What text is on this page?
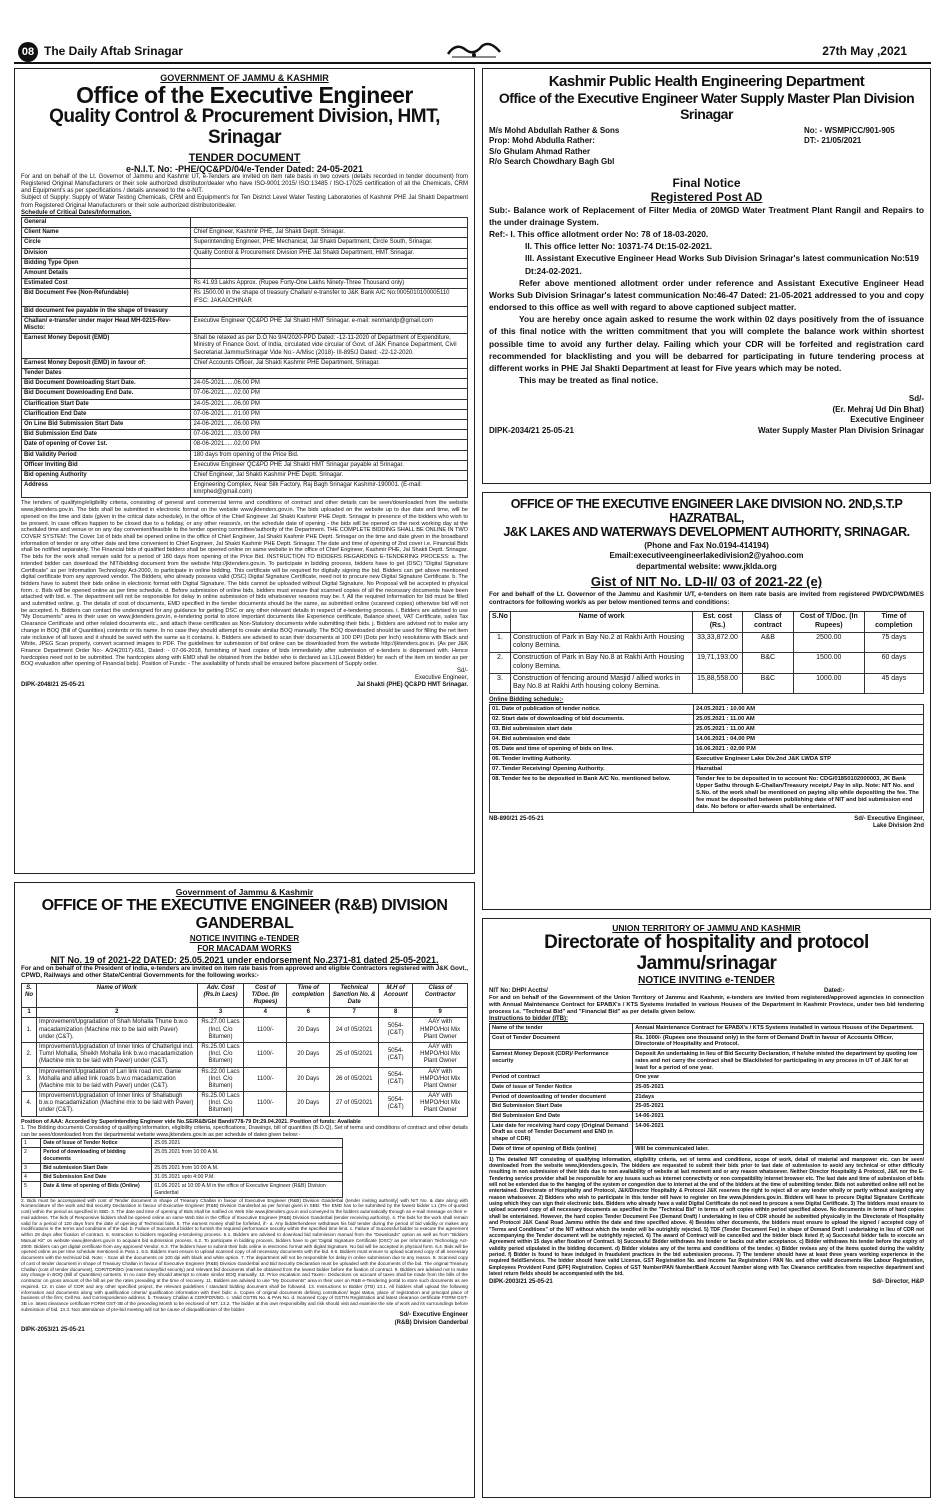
08 The Daily Aftab Srinagar	27th May ,2021
GOVERNMENT OF JAMMU & KASHMIR
Office of the Executive Engineer
Quality Control & Procurement Division, HMT, Srinagar
TENDER DOCUMENT
e-N.I.T. No: -PHE/QC&PD/04/e-Tender Dated: 24-05-2021
For and on behalf of the Lt. Governor of Jammu and Kashmir UT, e-Tenders are invited on item rate basis in two covers (details recorded in tender document) from Registered Original Manufacturers or their sole authorized distributor/dealer who have ISO-9001:2015/ ISO:13485 / ISO-17025 certification of all the Chemicals, CRM and Equipment's as per specifications / details annexed to the e-NIT.
Subject of Supply: Supply of Water Testing Chemicals, CRM and Equipment's for Ten District Level Water Testing Laboratories of Kashmir PHE Jal Shakti Department from Registered Original Manufacturers or their sole authorized distributor/dealer.
Schedule of Critical Dates/Information.
General	
Client Name	Chief Engineer, Kashmir PHE, Jal Shakti Deptt. Srinagar.
Circle	Superintending Engineer, PHE Mechanical, Jal Shakti Department, Circle South, Srinagar.
Division	Quality Control & Procurement Division PHE Jal Shakti Department, HMT Srinagar.
Bidding Type Open	
Amount Details	
Estimated Cost	Rs 41.93 Lakhs Approx. (Rupee Forty-One Lakhs Ninety-Three Thousand only)
Bid Document Fee (Non-Refundable)	Rs 1500.00 in the shape of treasury Challan/ e-transfer to J&K Bank A/C No:0005010100005110 IFSC: JAKA0CHINAR
Bid document fee payable in the shape of treasury	
Challan/ e-transfer under major Head MH-0215-Rev-Miscto:	Executive Engineer QC&PD PHE Jal Shakti HMT Srinagar. e-mail: xenmandp@gmail.com
Earnest Money Deposit (EMD)	Shall be relaxed as per D.O No 9/4/2020-PPD Dated: -12-11-2020 of Department of Expenditure, Ministry of Finance Govt. of India, circulated vide circular of Govt. of J&K Finance Department, Civil Secretariat Jammu/Srinagar Vide No:- A/Misc (2018)- III-895/J Dated: -22-12-2020.
Earnest Money Deposit (EMD) in favour of:	Chief Accounts Officer, Jal Shakti Kashmir PHE Department, Srinagar.
Tender Dates	
Bid Document Downloading Start Date.	24-05-2021......06.00 PM
Bid Document Downloading End Date.	07-06-2021......02.00 PM
Clarification Start Date	24-05-2021......06.00 PM
Clarification End Date	07-06-2021......01.00 PM
On Line Bid Submission Start Date	24-06-2021......06.00 PM
Bid Submission End Date	07-06-2021......03.00 PM
Date of opening of Cover 1st.	08-06-2021......02.00 PM
Bid Validity Period	180 days from opening of the Price Bid.
Officer Inviting Bid	Executive Engineer QC&PD PHE Jal Shakti HMT Srinagar payable at Srinagar.
Bid opening Authority	Chief Engineer, Jal Shakti Kashmir PHE Deptt. Srinagar.
Address	Engineering Complex, Near Silk Factory, Raj Bagh Srinagar Kashmir-190001. (E-mail: kmrphed@gmail.com)
The tenders of qualifying/eligibility criteria, consisting of general and commercial terms and conditions of contract and other details can be seen/downloaded from the website www.jktenders.gov.in. The bids shall be submitted in electronic format on the website www.jktenders.gov.in. The bids uploaded on the website up to due date and time, will be opened on the time and date (given in the critical date schedule), in the office of the Chief Engineer Jal Shakti Kashmir PHE Deptt. Srinagar in presence of the bidders who wish to be present. In case offices happen to be closed due to a holiday, or any other reason/s, on the schedule date of opening - the bids will be opened on the next working day at the scheduled time and venue or on any day convenient/feasible to the tender opening committee/authority of the Department. THE COMPLETE BIDDING SHALL BE ONLINE IN TWO COVER SYSTEM: The Cover 1st of bids shall be opened online in the office of Chief Engineer, Jal Shakti Kashmir PHE Deptt. Srinagar on the time and date given in the broadband information of tender or any other date and time convenient to Chief Engineer, Jal Shakti Kashmir PHE Deptt. Srinagar. The date and time of opening of 2nd cover i.e. Financial Bids shall be notified separately. The Financial bids of qualified bidders shall be opened online on same website in the office of Chief Engineer, Kashmir PHE, Jal Shakti Deptt. Srinagar. The bids for the work shall remain valid for a period of 180 days from opening of the Price Bid. INSTRUCTION TO BIDDERS REGARDING E-TENDERING PROCESS: a. The intended bidder can download the NIT/bidding document from the website http://jktenders.gov.in. To participate in bidding process, bidders have to get (DSC) "Digital Signature Certificate" as per Information Technology Act-2000, to participate in online bidding. This certificate will be required for digitally signing the bid. Bidders can get above mentioned digital certificate from any approved vendor. The Bidders, who already possess valid (DSC) Digital Signature Certificate, need not to procure new Digital Signature Certificate. b. The bidders have to submit their bids online in electronic format with Digital Signature. The bids cannot be uploaded without Digital Signature. No Proposal will be accepted in physical form. c. Bids will be opened online as per time schedule. d. Before submission of online bids, bidders must ensure that scanned copies of all the necessary documents have been attached with bid. e. The department will not be responsible for delay in online submission of bids whatsoever reasons may be. f. All the required information for bid must be filled and submitted online. g. The details of cost of documents, EMD specified in the tender documents should be the same, as submitted online (scanned copies) otherwise bid will not be accepted. h. Bidders can contact the undersigned for any guidance for getting DSC or any other relevant details in respect of e-tendering process. i. Bidders are advised to use "My Documents" area in their user on www.jktenders.gov.in, e-tendering portal to store important documents like Experience certificate, Balance sheet, VAT Certificate, sales Tax Clearance Certificate and other related documents etc., and attach these certificates as Non-Statutory documents while submitting their bids. j. Bidders are advised not to make any change in BOQ (Bill of Quantities) contents or its name. In no case they should attempt to create similar BOQ manually. The BOQ downloaded should be used for filling the net item rate inclusive of all taxes and it should be saved with the same as it contains. k. Bidders are advised to scan their documents at 100 DPI (Dots per Inch) resolutions with Black and White, JPEG Scan properly, convert scanned images to PDF. The guidelines for submission of bid online can be downloaded from the website http://jktenders.gov.in. (As per J&K Finance Department Order No:- A/24(2017)-651, Dated: - 07-06-2018, furnishing of hard copies of bids immediately after submission of e-tenders is dispensed with. Hence hardcopies need not to be submitted. The hardcopies along with EMD shall be obtained from the bidder who is declared as L1(Lowest Bidder) for each of the item on tender as per BOQ evaluation after opening of Financial bids). Position of Funds: - The availability of funds shall be ensured before placement of Supply order.
Sd/-
Executive Engineer,
DIPK-2048/21 25-05-21	Jal Shakti (PHE) QC&PD HMT Srinagar.
Kashmir Public Health Engineering Department
Office of the Executive Engineer Water Supply Master Plan Division Srinagar
M/s Mohd Abdullah Rather & Sons	No: - WSMP/CC/901-905
Prop: Mohd Abdulla Rather:	DT:- 21/05/2021
S/o Ghulam Ahmad Rather
R/o Search Chowdhary Bagh Gbl
Final Notice
Registered Post AD
Sub:- Balance work of Replacement of Filter Media of 20MGD Water Treatment Plant Rangil and Repairs to the under drainage System.
Ref:- I. This office allotment order No: 78 of 18-03-2020.
II. This office letter No: 10371-74 Dt:15-02-2021.
III. Assistant Executive Engineer Head Works Sub Division Srinagar's latest communication No:519 Dt:24-02-2021.
Refer above mentioned allotment order under reference and Assistant Executive Engineer Head Works Sub Division Srinagar's latest communication No:46-47 Dated: 21-05-2021 addressed to you and copy endorsed to this office as well with regard to above captioned subject matter.
You are hereby once again asked to resume the work within 02 days positively from the of issuance of this final notice with the written commitment that you will complete the balance work within shortest possible time to avoid any further delay. Failing which your CDR will be forfeited and registration card recommended for blacklisting and you will be debarred for participating in future tendering process at different works in PHE Jal Shakti Department at least for Five years which may be noted.
This may be treated as final notice.
Sd/-
(Er. Mehraj Ud Din Bhat)
Executive Engineer
DIPK-2034/21 25-05-21	Water Supply Master Plan Division Srinagar
OFFICE OF THE EXECUTIVE ENGINEER LAKE DIVISION NO. 2ND,S.T.P HAZRATBAL,
J&K LAKES AND WATERWAYS DEVELOPMENT AUTHORITY, SRINAGAR.
(Phone and Fax No.0194-414194)
Email:executiveengineerlakedivision2@yahoo.com
departmental website: www.jklda.org
Gist of NIT No. LD-II/ 03 of 2021-22 (e)
For and behalf of the Lt. Governor of the Jammu and Kashmir U/T, e-tenders on item rate basis are invited from registered PWD/CPWD/MES contractors for following work/s as per below mentioned terms and conditions:
S.No	Name of work	Est. cost (Rs.)	Class of contract	Cost of T/Doc. (In Rupees)	Time of completion
1.	Construction of Park in Bay No.2 at Rakhi Arth Housing colony Bemina.	33,33,872.00	A&B	2500.00	75 days
2.	Construction of Park in Bay No.8 at Rakhi Arth Housing colony Bemina.	19,71,193.00	B&C	1500.00	60 days
3.	Construction of fencing around Masjid / allied works in Bay No.8 at Rakhi Arth housing colony Bemina.	15,88,558.00	B&C	1000.00	45 days
Online Bidding schedule:-
01. Date of publication of tender notice.	24.05.2021 : 10.00 AM
02. Start date of downloading of bid documents.	25.05.2021 : 11.00 AM
03. Bid submission start date	25.05.2021 : 11.00 AM
04. Bid submission end date	14.06.2021 : 04.00 PM
05. Date and time of opening of bids on line.	16.06.2021 : 02.00 P.M
06. Tender inviting Authority.	Executive Engineer Lake Div.2nd J&K LWDA STP
07. Tender Receiving/ Opening Authority.	Hazratbal
08. Tender fee to be deposited in Bank A/C No. mentioned below.	Tender fee to be deposited in to account No: CDG/01850102000003, JK Bank Upper Sathu through E-Challan/Treasury receipt./ Pay in slip. Note: NIT No. and S.No. of the work shall be mentioned on paying slip while depositing the fee. The fee must be deposited between publishing date of NIT and bid submission end date. No before or after-wards shall be entertained.
NB-890/21 25-05-21	Sd/- Executive Engineer,
Lake Division 2nd
Government of Jammu & Kashmir
OFFICE OF THE EXECUTIVE ENGINEER (R&B) DIVISION GANDERBAL
NOTICE INVITING e-TENDER
FOR MACADAM WORKS
NIT No. 19 of 2021-22 DATED: 25.05.2021 under endorsement No.2371-81 dated 25-05-2021.
For and on behalf of the President of India, e-tenders are invited on item rate basis from approved and eligible Contractors registered with J&K Govt., CPWD, Railways and other State/Central Governments for the following works:-
S. No	Name of Work	Adv. Cost (Rs.In Lacs)	Cost of T/Doc. (In Rupees)	Time of completion	Technical Sanction No. & Date	M.H of Account	Class of Contractor
1	2	3	4	6	7	8	9
1.	Improvement/Upgradation of Shah Mohalla Thune b.w.o macadamization (Machine mix to be laid with Paver) under (C&T).	Rs.27.00 Lacs (Incl. C/o Bitumen)	1100/-	20 Days	24 of 05/2021	5054-(C&T)	AAY with HMPO/Hot Mix Plant Owner
2.	Improvement/Upgradation of Inner links of Chatterlgul incl. Tumri Mohalla, Sheikh Mohalla link b.w.o macadamization (Machine mix to be laid with Paver) under (C&T).	Rs.25.00 Lacs (Incl. C/o Bitumen)	1100/-	20 Days	25 of 05/2021	5054-(C&T)	AAY with HMPO/Hot Mix Plant Owner
3.	Improvement/Upgradation of Lari link road incl. Ganie Mohalla and allied link roads b.w.o macadamization (Machine mix to be laid with Paver) under (C&T).	Rs.22.00 Lacs (Incl. C/o Bitumen)	1100/-	20 Days	26 of 05/2021	5054-(C&T)	AAY with HMPO/Hot Mix Plant Owner
4.	Improvement/Upgradation of Inner links of Shallabugh b.w.o macadamization (Machine mix to be laid with Paver) under (C&T).	Rs.25.00 Lacs (Incl. C/o Bitumen)	1100/-	20 Days	27 of 05/2021	5054-(C&T)	AAY with HMPO/Hot Mix Plant Owner
Position of AAA: Accorded by Superintending Engineer vide No.SE/R&B/Gbl Bandi/778-79 Dt:29.04.2021. Position of funds: Available
1. The Bidding documents Consisting of qualifying information, eligibility criteria, specifications, Drawings, bill of quantities (B.O.Q), Set of terms and conditions of contract and other details can be seen/downloaded from the departmental website www.jktenders.gov.in as per schedule of dates given below:-
1	Date of Issue of Tender Notice	25.05.2021
2	Period of downloading of bidding documents	25.05.2021 from 10:00 A.M.
3	Bid submission Start Date	25.05.2021 from 10:00 A.M.
4	Bid Submission End Date	31.05.2021 upto 4:00 P.M.
5	Date & time of opening of Bids (Online)	01.06.2021 at 10:00 A.M in the office of Executive Engineer (R&B) Division Ganderbal
2. Bids must be accompanied with cost of Tender document in shape of Treasury Challan in favour of Executive Engineer (R&B) Division Ganderbal (tender inviting authority) with NIT No. & date along with Nomenclature of the work and Bid security Declaration in favour of Executive Engineer (R&B) Division Ganderbal as per format given in SBD. The EMD has to be submitted by the lowest bidder L1 (3% of quoted cost) within the period as specified in SBD. 3. The date and time of opening of Bids shall be notified on Web Site www.jktenders.gov.in and conveyed to the bidders automatically through an e-mail message on their e-mail address. The bids of Responsive bidders shall be opened online on same Web Site in the Office of Executive Engineer (R&B) Division Ganderbal (tender receiving authority). 4. The bids for the work shall remain valid for a period of 120 days from the date of opening of Technical bids. 5. The earnest money shall be forfeited, if:- a. Any bidder/tenderer withdraws his bid/ tender during the period of bid validity or makes any modifications in the terms and conditions of the bid. b. Failure of Successful bidder to furnish the required performance security within the specified time limit. c. Failure of Successful bidder to execute the agreement within 28 days after fixation of contract. 6. Instruction to bidders regarding e-tendering process. 6.1. Bidders are advised to download bid submission manual from the "Downloads" option as well as from "Bidders Manual Kit" on website www.jktenders.gov.in to acquaint bid submission process. 6.2. To participate in bidding process, bidders have to get 'Digital Signature Certificate (DSC)' as per Information Technology Act-2000. Bidders can get digital certificate from any approved Vendor. 6.3. The bidders have to submit their bids online in electronic format with digital Signature. No bid will be accepted in physical form. 6.4. Bids will be opened online as per time schedule mentioned in Para 1. 6.5. Bidders must ensure to upload scanned copy of all necessary documents with the bid. 6.6. Bidders must ensure to upload scanned copy of all necessary documents with the technical bid. Note: - Scan all the documents on 100 dpi with black and white option. 7. The department will not be responsible for delay in online submission due to any reason. 8. Scanned copy of cost of tender document in shape of Treasury Challan in favour of Executive Engineer (R&B) Division Ganderbal and Bid Security Declaration must be uploaded with the documents of the bid. The original Treasury Challan (cost of tender document), CDR/TDR/BG (earnest money/bid security) and relevant bid documents shall be obtained from the lowest bidder before the fixation of contract. 9. Bidders are advised not to make any change in BOQ (Bill of Quantities) contents. In no case they should attempt to create similar BOQ manually. 10. Price escalation and Taxes:- Deductions on account of taxes shall be made from the bills of the contractor on gross amount of the bill as per the rates prevailing at the time of recovery. 11. Bidders are advised to use "My Documents" area in their user on R&B e-Tendering portal to store such documents as are required. 12. In case of CDR and any other specified project, the relevant guidelines / standard bidding document shall be followed. 13. Instructions to Bidder (ITB) 13.1. All bidders shall upload the following information and documents along with qualification criteria/ qualification information with their bids: a. Copies of original documents defining constitution/ legal status, place of registration and principal place of business of the firm; Cell No. and Correspondence address. b. Treasury Challan & CDR/FDR/BG. c. Valid GSTIN No. & PAN No. d. Scanned Copy of GSTIN Registration and latest clearance certificate FORM GST-3B i.e. latest clearance certificate FORM GST-3B of the preceding Month to be enclosed of NIT. 13.2. The bidder at this own responsibility and risk should visit and examine the site of work and its surroundings before submission of bid. 13.3. Non attendance of pre-bid meeting will not be cause of disqualification of the bidder.
Sd/- Executive Engineer
(R&B) Division Ganderbal
DIPK-2053/21 25-05-21
UNION TERRITORY OF JAMMU AND KASHMIR
Directorate of hospitality and protocol Jammu/srinagar
NOTICE INVITING e-TENDER
NIT No: DHP/ Acctts/	Dated:-
For and on behalf of the Government of the Union Territory of Jammu and Kashmir, e-tenders are invited from registered/approved agencies in connection with Annual Maintenance Contract for EPABX's / KTS Systems installed in various Houses of the Department in Kashmir Province, under two bid tendering process i.e. "Technical Bid" and "Financial Bid" as per details given below.
Instructions to bidder (ITB):
Name of the tender	Annual Maintenance Contract for EPABX's / KTS Systems installed in various Houses of the Department.
Cost of Tender Document	Rs. 1000/- (Rupees one thousand only) in the form of Demand Draft in favour of Accounts Officer, Directorate of Hospitality and Protocol.
Earnest Money Deposit (CDR)/ Performance security	Deposit An undertaking in lieu of Bid Security Declaration, if he/she misted the department by quoting low rates and not carry the contract shall be Blacklisted for participating in any process in UT of J&K for at least for a period of one year.
Period of contract	One year
Date of issue of Tender Notice	25-05-2021
Period of downloading of tender document	21days
Bid Submission Start Date	25-05-2021
Bid Submission End Date	14-06-2021
Late date for receiving hard copy (Original Demand Draft as cost of Tender Document and END in shape of CDR)	14-06-2021
Date of time of opening of Bids (online)	Will be communicated later.
1) The detailed NIT consisting of qualifying information, eligibility criteria, set of terms and conditions, scope of work, detail of material and manpower etc. can be seen/ downloaded from the website www.jktenders.gov.in. The bidders are requested to submit their bids prior to last date of submission to avoid any technical or other difficulty resulting in non submission of their bids due to non availability of website at last moment and or any reason whatsoever. Neither Director Hospitality & Protocol, J&K nor the E-Tendering service provider shall be responsible for any issues such as internet connectivity or non compatibility internet browser etc. The last date and time of submission of bids will not be extended due to the hanging of the system or congestion due to internet at the end of the bidders at the time of submitting tender. Bids not submitted online will not be entertained. Directorate of Hospitality and Protocol, J&K/Director Hospitality & Protocol J&K reserves the right to reject all or any tender wholly or partly without assigning any reason whatsoever. 2) Bidders who wish to participate in this tender will have to register on line www.jktenders.gov.in. Bidders will have to procure Digital Signature Certificate using which they can sign their electronic bids. Bidders who already have a valid Digital Certificate do not need to procure a new Digital Certificate. 3) The bidders must ensure to upload scanned copy of all necessary documents as specified in the "Technical Bid" in terms of soft copies within period specified above. No documents in terms of hard copies shall be entertained. However, the hard copies Tender Document Fee (Demand Draft) / undertaking in lieu of CDR should be submitted physically in the Directorate of Hospitality and Protocol J&K Canal Road Jammu within the date and time specified above. 4) Besides other documents, the bidders must ensure to upload the signed / accepted copy of "Terms and Conditions" of the NIT without which the tender will be outrightly rejected. 5) TDF (Tender Document Fee) in shape of Demand Draft / undertaking in lieu of CDR not accompanying the Tender document will be outrightly rejected. 6) The award of Contract will be cancelled and the bidder black listed if; a) Successful bidder fails to execute an Agreement within 15 days after fixation of Contract. b) Successful Bidder withdraws his tender or backs out after acceptance. c) Bidder withdraws his tender before the expiry of validity period stipulated in the bidding document. d) Bidder violates any of the terms and conditions of the tender. e) Bidder revises any of the items quoted during the validity period. f) Bidder is found to have indulged in fraudulent practices in the bid submission process. 7) The tenderer should have at least three years working experience in the required field/Services. The bidder should have valid License, GST Registration No. and Income Tax Registration / PAN No. and other valid documents like Labour Registration, Employees Provident Fund (EPF) Registration. Copies of GST Number/PAN Number/Bank Account Number along with Tax Clearance certificates from respective department and latest return fields should be accompanied with the bid.
DIPK-2003/21 25-05-21	Sd/- Director, H&P
